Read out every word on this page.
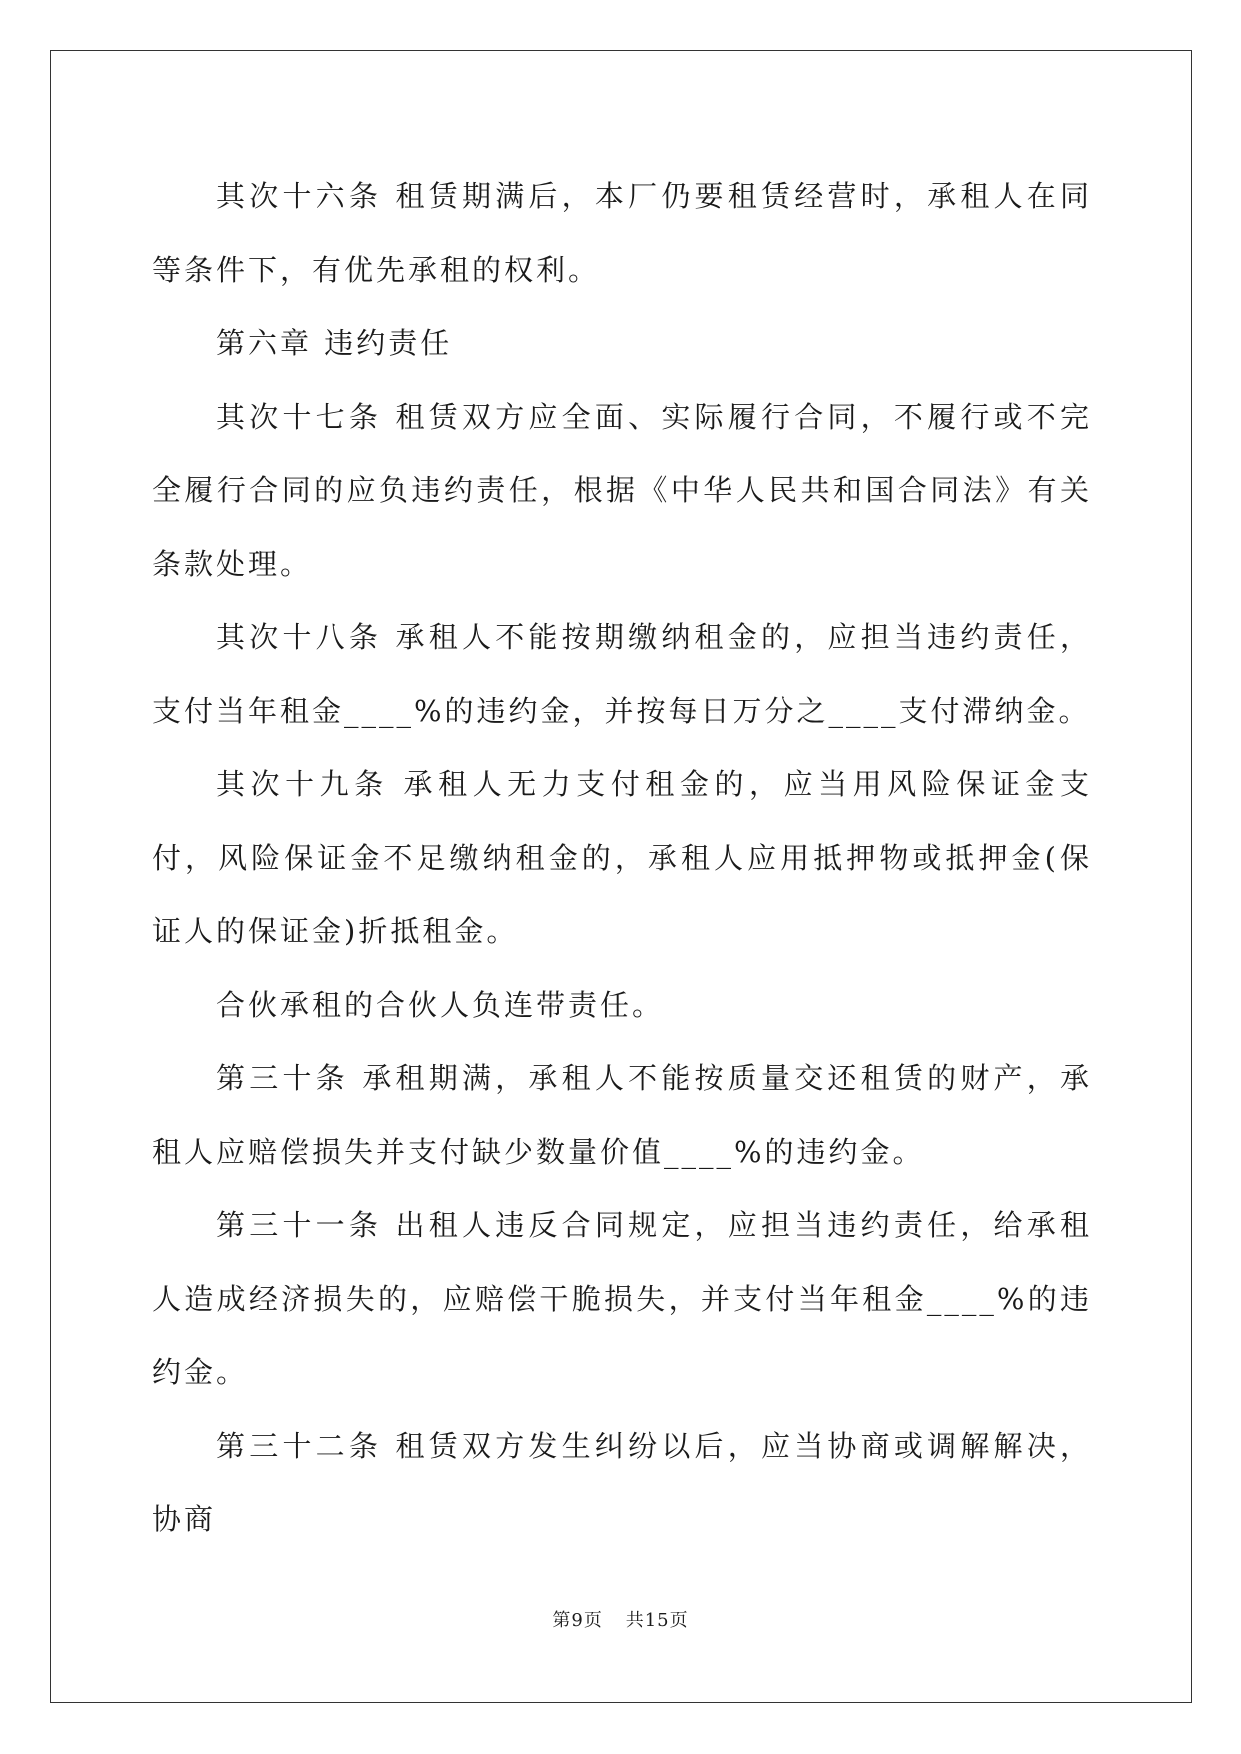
其次十六条 租赁期满后，本厂仍要租赁经营时，承租人在同等条件下，有优先承租的权利。

第六章 违约责任

其次十七条 租赁双方应全面、实际履行合同，不履行或不完全履行合同的应负违约责任，根据《中华人民共和国合同法》有关条款处理。

其次十八条 承租人不能按期缴纳租金的，应担当违约责任，支付当年租金____%的违约金，并按每日万分之____支付滞纳金。

其次十九条 承租人无力支付租金的，应当用风险保证金支付，风险保证金不足缴纳租金的，承租人应用抵押物或抵押金(保证人的保证金)折抵租金。

合伙承租的合伙人负连带责任。

第三十条 承租期满，承租人不能按质量交还租赁的财产，承租人应赔偿损失并支付缺少数量价值____%的违约金。

第三十一条 出租人违反合同规定，应担当违约责任，给承租人造成经济损失的，应赔偿干脆损失，并支付当年租金____%的违约金。

第三十二条 租赁双方发生纠纷以后，应当协商或调解解决，协商

第9页 共15页
